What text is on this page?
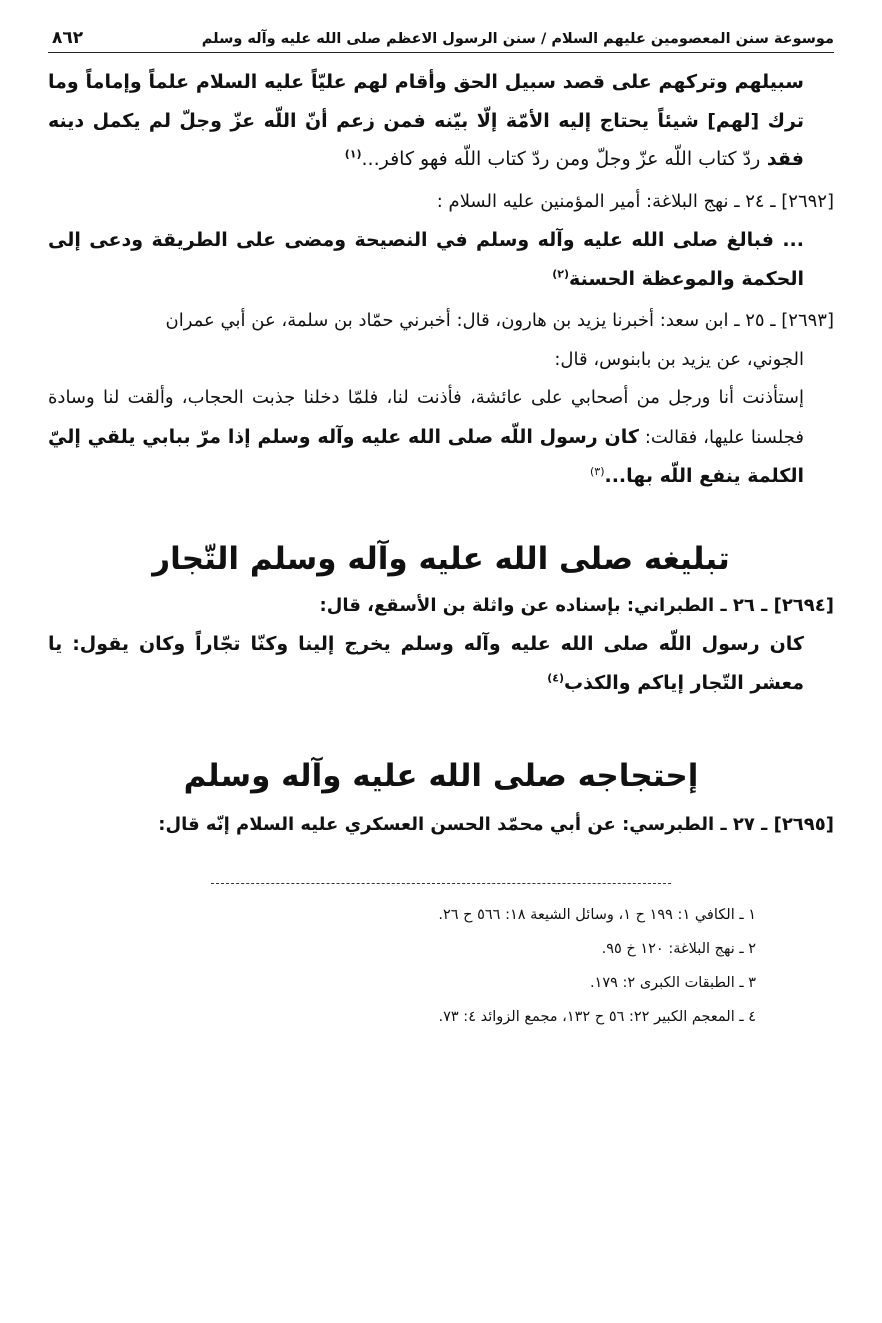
موسوعة سنن المعصومين عليهم السلام / سنن الرسول الاعظم صلى الله عليه وآله وسلم
٨٦٢

سبيلهم وتركهم على قصد سبيل الحق وأقام لهم عليّاً عليه السلام علماً وإماماً وما ترك [لهم] شيئاً يحتاج إليه الأمّة إلّا بيّنه فمن زعم أنّ اللّه عزّ وجلّ لم يكمل دينه فقد ردّ كتاب اللّه عزّ وجلّ ومن ردّ كتاب اللّه فهو كافر...$^{(١)}$

[٢٦٩٢] ـ ٢٤ ـ نهج البلاغة: أمير المؤمنين عليه السلام :

... فبالغ صلى الله عليه وآله وسلم في النصيحة ومضى على الطريقة ودعى إلى الحكمة والموعظة الحسنة$^{(٢)}$

[٢٦٩٣] ـ ٢٥ ـ ابن سعد: أخبرنا يزيد بن هارون، قال: أخبرني حمّاد بن سلمة، عن أبي عمران

الجوني، عن يزيد بن بابنوس، قال:

إستأذنت أنا ورجل من أصحابي على عائشة، فأذنت لنا، فلمّا دخلنا جذبت الحجاب، وألقت لنا وسادة فجلسنا عليها، فقالت: كان رسول اللّه صلى الله عليه وآله وسلم إذا مرّ ببابي يلقي إليّ الكلمة ينفع اللّه بها...$^{(٣)}$

تبليغه صلى الله عليه وآله وسلم التّجار

[٢٦٩٤] ـ ٢٦ ـ الطبراني: بإسناده عن واثلة بن الأسقع، قال:

كان رسول اللّه صلى الله عليه وآله وسلم يخرج إلينا وكنّا تجّاراً وكان يقول: يا معشر التّجار إياكم والكذب$^{(٤)}$

إحتجاجه صلى الله عليه وآله وسلم

[٢٦٩٥] ـ ٢٧ ـ الطبرسي: عن أبي محمّد الحسن العسكري عليه السلام إنّه قال:

١ ـ الكافي ١: ١٩٩ ح ١، وسائل الشيعة ١٨: ٥٦٦ ح ٢٦.

٢ ـ نهج البلاغة: ١٢٠ خ ٩٥.

٣ ـ الطبقات الكبرى ٢: ١٧٩.

٤ ـ المعجم الكبير ٢٢: ٥٦ ح ١٣٢، مجمع الزوائد ٤: ٧٣.
